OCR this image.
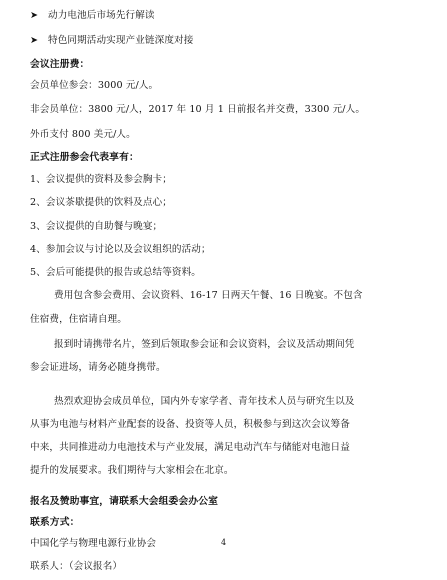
➤ 动力电池后市场先行解读
➤ 特色同期活动实现产业链深度对接
会议注册费：
会员单位参会：3000 元/人。
非会员单位：3800 元/人，2017 年 10 月 1 日前报名并交费，3300 元/人。
外币支付 800 美元/人。
正式注册参会代表享有：
1、会议提供的资料及参会胸卡；
2、会议茶歇提供的饮料及点心；
3、会议提供的自助餐与晚宴；
4、参加会议与讨论以及会议组织的活动；
5、会后可能提供的报告或总结等资料。
费用包含参会费用、会议资料、16-17 日两天午餐、16 日晚宴。不包含
住宿费，住宿请自理。
报到时请携带名片，签到后领取参会证和会议资料，会议及活动期间凭
参会证进场，请务必随身携带。
热烈欢迎协会成员单位，国内外专家学者、青年技术人员与研究生以及
从事为电池与材料产业配套的设备、投资等人员，积极参与到这次会议筹备
中来，共同推进动力电池技术与产业发展，满足电动汽车与储能对电池日益
提升的发展要求。我们期待与大家相会在北京。
报名及赞助事宜，请联系大会组委会办公室
联系方式：
4
中国化学与物理电源行业协会
联系人：（会议报名）
